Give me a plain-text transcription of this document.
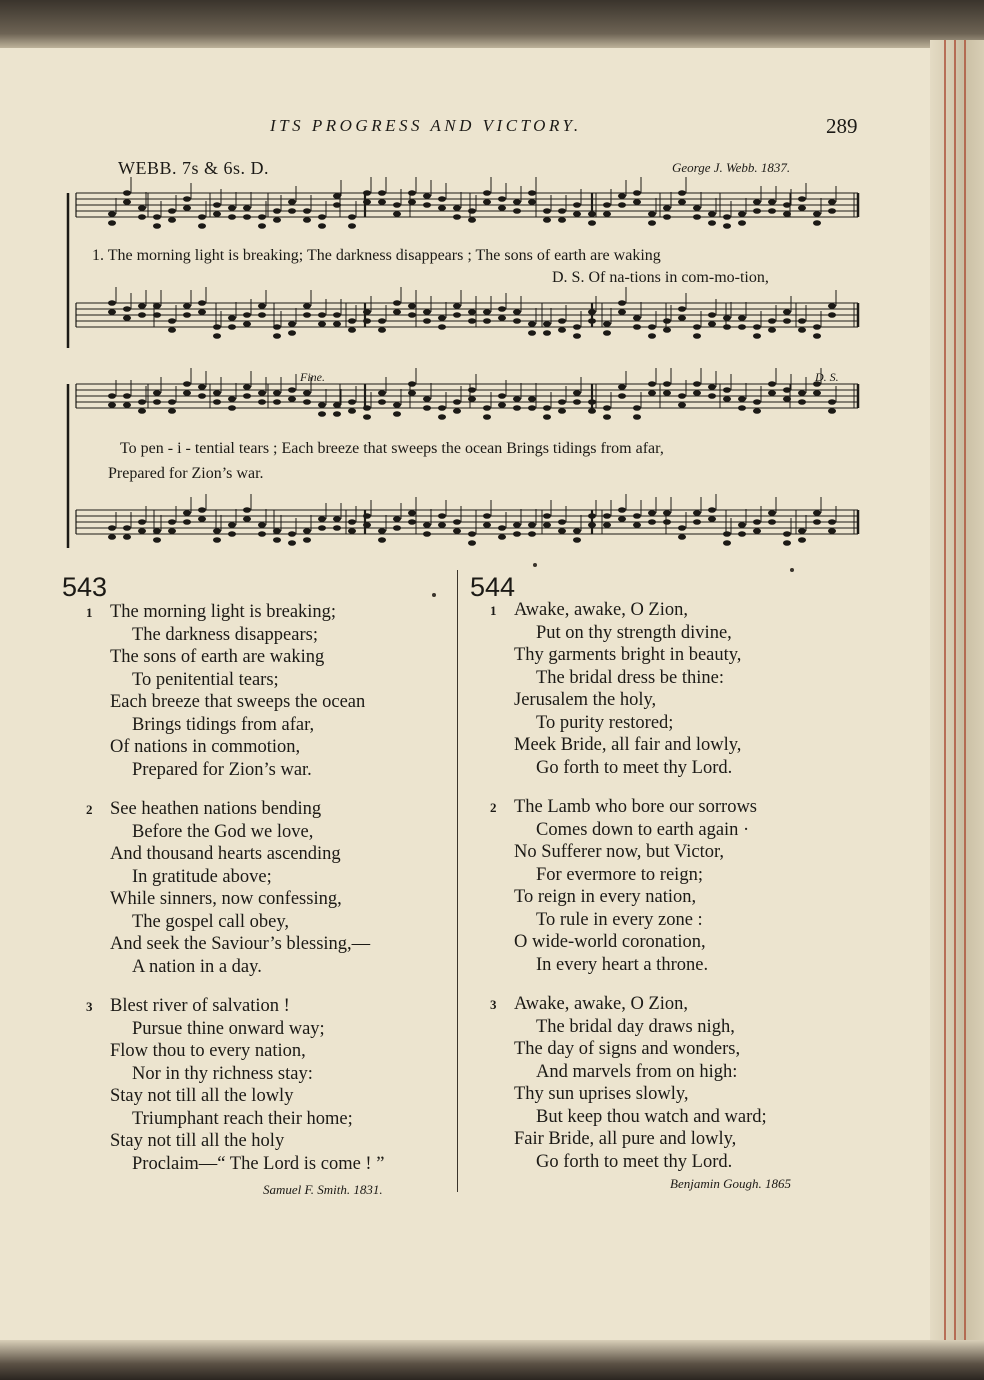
ITS PROGRESS AND VICTORY.	289
WEBB. 7s & 6s. D.	George J. Webb. 1837.
1. The morning light is breaking; The darkness disappears ; The sons of earth are waking
D. S. Of na-tions in com-mo-tion,
Fine.	D. S.
To pen - i - tential tears ; Each breeze that sweeps the ocean Brings tidings from afar,
Prepared for Zion’s war.
543	544
1 The morning light is breaking;
The darkness disappears;
The sons of earth are waking
To penitential tears;
Each breeze that sweeps the ocean
Brings tidings from afar,
Of nations in commotion,
Prepared for Zion’s war.
2 See heathen nations bending
Before the God we love,
And thousand hearts ascending
In gratitude above;
While sinners, now confessing,
The gospel call obey,
And seek the Saviour’s blessing,—
A nation in a day.
3 Blest river of salvation !
Pursue thine onward way;
Flow thou to every nation,
Nor in thy richness stay:
Stay not till all the lowly
Triumphant reach their home;
Stay not till all the holy
Proclaim—“ The Lord is come ! ”
1 Awake, awake, O Zion,
Put on thy strength divine,
Thy garments bright in beauty,
The bridal dress be thine:
Jerusalem the holy,
To purity restored;
Meek Bride, all fair and lowly,
Go forth to meet thy Lord.
2 The Lamb who bore our sorrows
Comes down to earth again ·
No Sufferer now, but Victor,
For evermore to reign;
To reign in every nation,
To rule in every zone :
O wide-world coronation,
In every heart a throne.
3 Awake, awake, O Zion,
The bridal day draws nigh,
The day of signs and wonders,
And marvels from on high:
Thy sun uprises slowly,
But keep thou watch and ward;
Fair Bride, all pure and lowly,
Go forth to meet thy Lord.
Samuel F. Smith. 1831.	Benjamin Gough. 1865
